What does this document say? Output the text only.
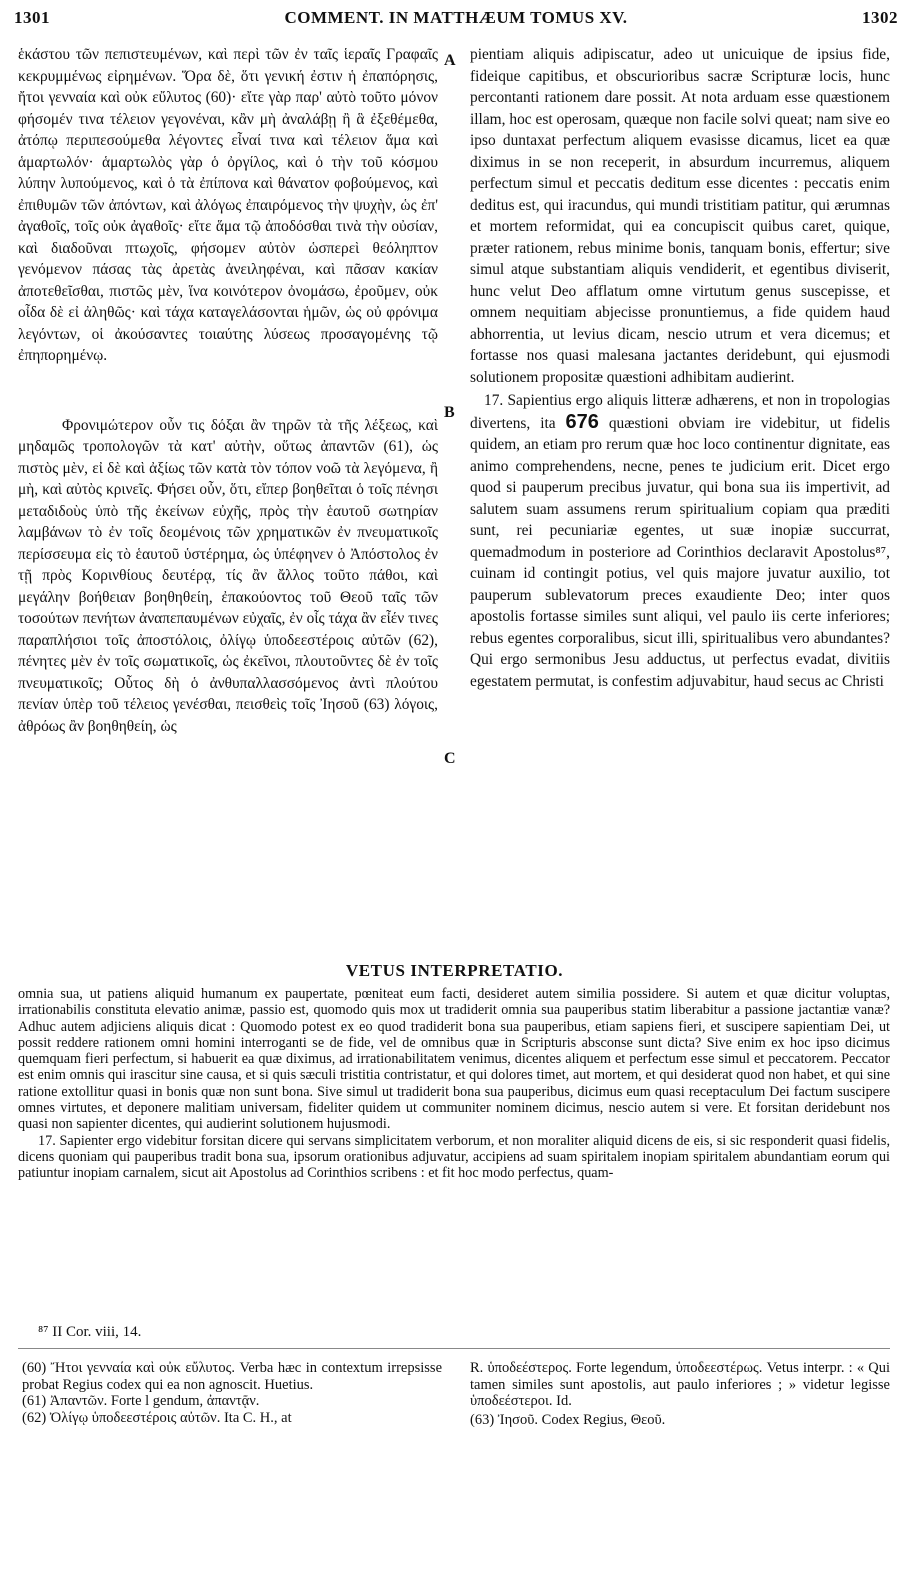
1301	COMMENT. IN MATTHÆUM TOMUS XV.	1302

ἑκάστου τῶν πεπιστευμένων, καὶ περὶ τῶν ἐν ταῖς ἱεραῖς Γραφαῖς κεκρυμμένως εἰρημένων. Ὅρα δὲ, ὅτι γενική ἐστιν ἡ ἐπαπόρησις, ἤτοι γενναία καὶ οὐκ εὔλυτος (60)· εἴτε γὰρ παρ' αὐτὸ τοῦτο μόνον φήσομέν τινα τέλειον γεγονέναι, κἂν μὴ ἀναλάβῃ ἢ ἃ ἐξεθέμεθα, ἀτόπῳ περιπεσούμεθα λέγοντες εἶναί τινα καὶ τέλειον ἅμα καὶ ἁμαρτωλόν· ἁμαρτωλὸς γὰρ ὁ ὀργίλος, καὶ ὁ τὴν τοῦ κόσμου λύπην λυπούμενος, καὶ ὁ τὰ ἐπίπονα καὶ θάνατον φοβούμενος, καὶ ἐπιθυμῶν τῶν ἀπόντων, καὶ ἀλόγως ἐπαιρόμενος τὴν ψυχὴν, ὡς ἐπ' ἀγαθοῖς, τοῖς οὐκ ἀγαθοῖς· εἴτε ἅμα τῷ ἀποδόσθαι τινὰ τὴν οὐσίαν, καὶ διαδοῦναι πτωχοῖς, φήσομεν αὐτὸν ὡσπερεὶ θεόληπτον γενόμενον πάσας τὰς ἀρετὰς ἀνειληφέναι, καὶ πᾶσαν κακίαν ἀποτεθεῖσθαι, πιστῶς μὲν, ἵνα κοινότερον ὀνομάσω, ἐροῦμεν, οὐκ οἶδα δὲ εἰ ἀληθῶς· καὶ τάχα καταγελάσονται ἡμῶν, ὡς οὐ φρόνιμα λεγόντων, οἱ ἀκούσαντες τοιαύτης λύσεως προσαγομένης τῷ ἐπηπορημένῳ.

Φρονιμώτερον οὖν τις δόξαι ἂν τηρῶν τὰ τῆς λέξεως, καὶ μηδαμῶς τροπολογῶν τὰ κατ' αὐτὴν, οὕτως ἀπαντῶν (61), ὡς πιστὸς μὲν, εἰ δὲ καὶ ἀξίως τῶν κατὰ τὸν τόπον νοῶ τὰ λεγόμενα, ἢ μὴ, καὶ αὐτὸς κρινεῖς. Φήσει οὖν, ὅτι, εἴπερ βοηθεῖται ὁ τοῖς πένησι μεταδιδοὺς ὑπὸ τῆς ἐκείνων εὐχῆς, πρὸς τὴν ἑαυτοῦ σωτηρίαν λαμβάνων τὸ ἐν τοῖς δεομένοις τῶν χρηματικῶν ἐν πνευματικοῖς περίσσευμα εἰς τὸ ἑαυτοῦ ὑστέρημα, ὡς ὑπέφηνεν ὁ Ἀπόστολος ἐν τῇ πρὸς Κορινθίους δευτέρᾳ, τίς ἂν ἄλλος τοῦτο πάθοι, καὶ μεγάλην βοήθειαν βοηθηθείη, ἐπακούοντος τοῦ Θεοῦ ταῖς τῶν τοσούτων πενήτων ἀναπεπαυμένων εὐχαῖς, ἐν οἷς τάχα ἂν εἶέν τινες παραπλήσιοι τοῖς ἀποστόλοις, ὀλίγῳ ὑποδεεστέροις αὐτῶν (62), πένητες μὲν ἐν τοῖς σωματικοῖς, ὡς ἐκεῖνοι, πλουτοῦντες δὲ ἐν τοῖς πνευματικοῖς; Οὗτος δὴ ὁ ἀνθυπαλλασσόμενος ἀντὶ πλούτου πενίαν ὑπὲρ τοῦ τέλειος γενέσθαι, πεισθεὶς τοῖς Ἰησοῦ (63) λόγοις, ἀθρόως ἂν βοηθηθείη, ὡς

A
B
C

pientiam aliquis adipiscatur, adeo ut unicuique de ipsius fide, fideique capitibus, et obscurioribus sacræ Scripturæ locis, hunc percontanti rationem dare possit. At nota arduam esse quæstionem illam, hoc est operosam, quæque non facile solvi queat; nam sive eo ipso duntaxat perfectum aliquem evasisse dicamus, licet ea quæ diximus in se non receperit, in absurdum incurremus, aliquem perfectum simul et peccatis deditum esse dicentes : peccatis enim deditus est, qui iracundus, qui mundi tristitiam patitur, qui ærumnas et mortem reformidat, qui ea concupiscit quibus caret, quique, præter rationem, rebus minime bonis, tanquam bonis, effertur; sive simul atque substantiam aliquis vendiderit, et egentibus diviserit, hunc velut Deo afflatum omne virtutum genus suscepisse, et omnem nequitiam abjecisse pronuntiemus, a fide quidem haud abhorrentia, ut levius dicam, nescio utrum et vera dicemus; et fortasse nos quasi malesana jactantes deridebunt, qui ejusmodi solutionem propositæ quæstioni adhibitam audierint.

17. Sapientius ergo aliquis litteræ adhærens, et non in tropologias divertens, ita 676 quæstioni obviam ire videbitur, ut fidelis quidem, an etiam pro rerum quæ hoc loco continentur dignitate, eas animo comprehendens, necne, penes te judicium erit. Dicet ergo quod si pauperum precibus juvatur, qui bona sua iis impertivit, ad salutem suam assumens rerum spiritualium copiam qua præditi sunt, rei pecuniariæ egentes, ut suæ inopiæ succurrat, quemadmodum in posteriore ad Corinthios declaravit Apostolus⁸⁷, cuinam id contingit potius, vel quis majore juvatur auxilio, tot pauperum sublevatorum preces exaudiente Deo; inter quos apostolis fortasse similes sunt aliqui, vel paulo iis certe inferiores; rebus egentes corporalibus, sicut illi, spiritualibus vero abundantes? Qui ergo sermonibus Jesu adductus, ut perfectus evadat, divitiis egestatem permutat, is confestim adjuvabitur, haud secus ac Christi

VETUS INTERPRETATIO.

omnia sua, ut patiens aliquid humanum ex paupertate, pœniteat eum facti, desideret autem similia possidere. Si autem et quæ dicitur voluptas, irrationabilis constituta elevatio animæ, passio est, quomodo quis mox ut tradiderit omnia sua pauperibus statim liberabitur a passione jactantiæ vanæ? Adhuc autem adjiciens aliquis dicat : Quomodo potest ex eo quod tradiderit bona sua pauperibus, etiam sapiens fieri, et suscipere sapientiam Dei, ut possit reddere rationem omni homini interroganti se de fide, vel de omnibus quæ in Scripturis absconse sunt dicta? Sive enim ex hoc ipso dicimus quemquam fieri perfectum, si habuerit ea quæ diximus, ad irrationabilitatem venimus, dicentes aliquem et perfectum esse simul et peccatorem. Peccator est enim omnis qui irascitur sine causa, et si quis sæculi tristitia contristatur, et qui dolores timet, aut mortem, et qui desiderat quod non habet, et qui sine ratione extollitur quasi in bonis quæ non sunt bona. Sive simul ut tradiderit bona sua pauperibus, dicimus eum quasi receptaculum Dei factum suscipere omnes virtutes, et deponere malitiam universam, fideliter quidem ut communiter nominem dicimus, nescio autem si vere. Et forsitan deridebunt nos quasi non sapienter dicentes, qui audierint solutionem hujusmodi.

17. Sapienter ergo videbitur forsitan dicere qui servans simplicitatem verborum, et non moraliter aliquid dicens de eis, si sic responderit quasi fidelis, dicens quoniam qui pauperibus tradit bona sua, ipsorum orationibus adjuvatur, accipiens ad suam spiritalem inopiam spiritalem abundantiam eorum qui patiuntur inopiam carnalem, sicut ait Apostolus ad Corinthios scribens : et fit hoc modo perfectus, quam-

⁸⁷ II Cor. viii, 14.

(60) Ἤτοι γενναία καὶ οὐκ εὔλυτος. Verba hæc in contextum irrepsisse probat Regius codex qui ea non agnoscit. Huetius.

(61) Ἀπαντῶν. Forte l gendum, ἀπαντᾷν.

(62) Ὀλίγῳ ὑποδεεστέροις αὐτῶν. Ita C. H., at

R. ὑποδεέστερος. Forte legendum, ὑποδεεστέρως. Vetus interpr. : « Qui tamen similes sunt apostolis, aut paulo inferiores ; » videtur legisse ὑποδεέστεροι. Id.

(63) Ἰησοῦ. Codex Regius, Θεοῦ.
